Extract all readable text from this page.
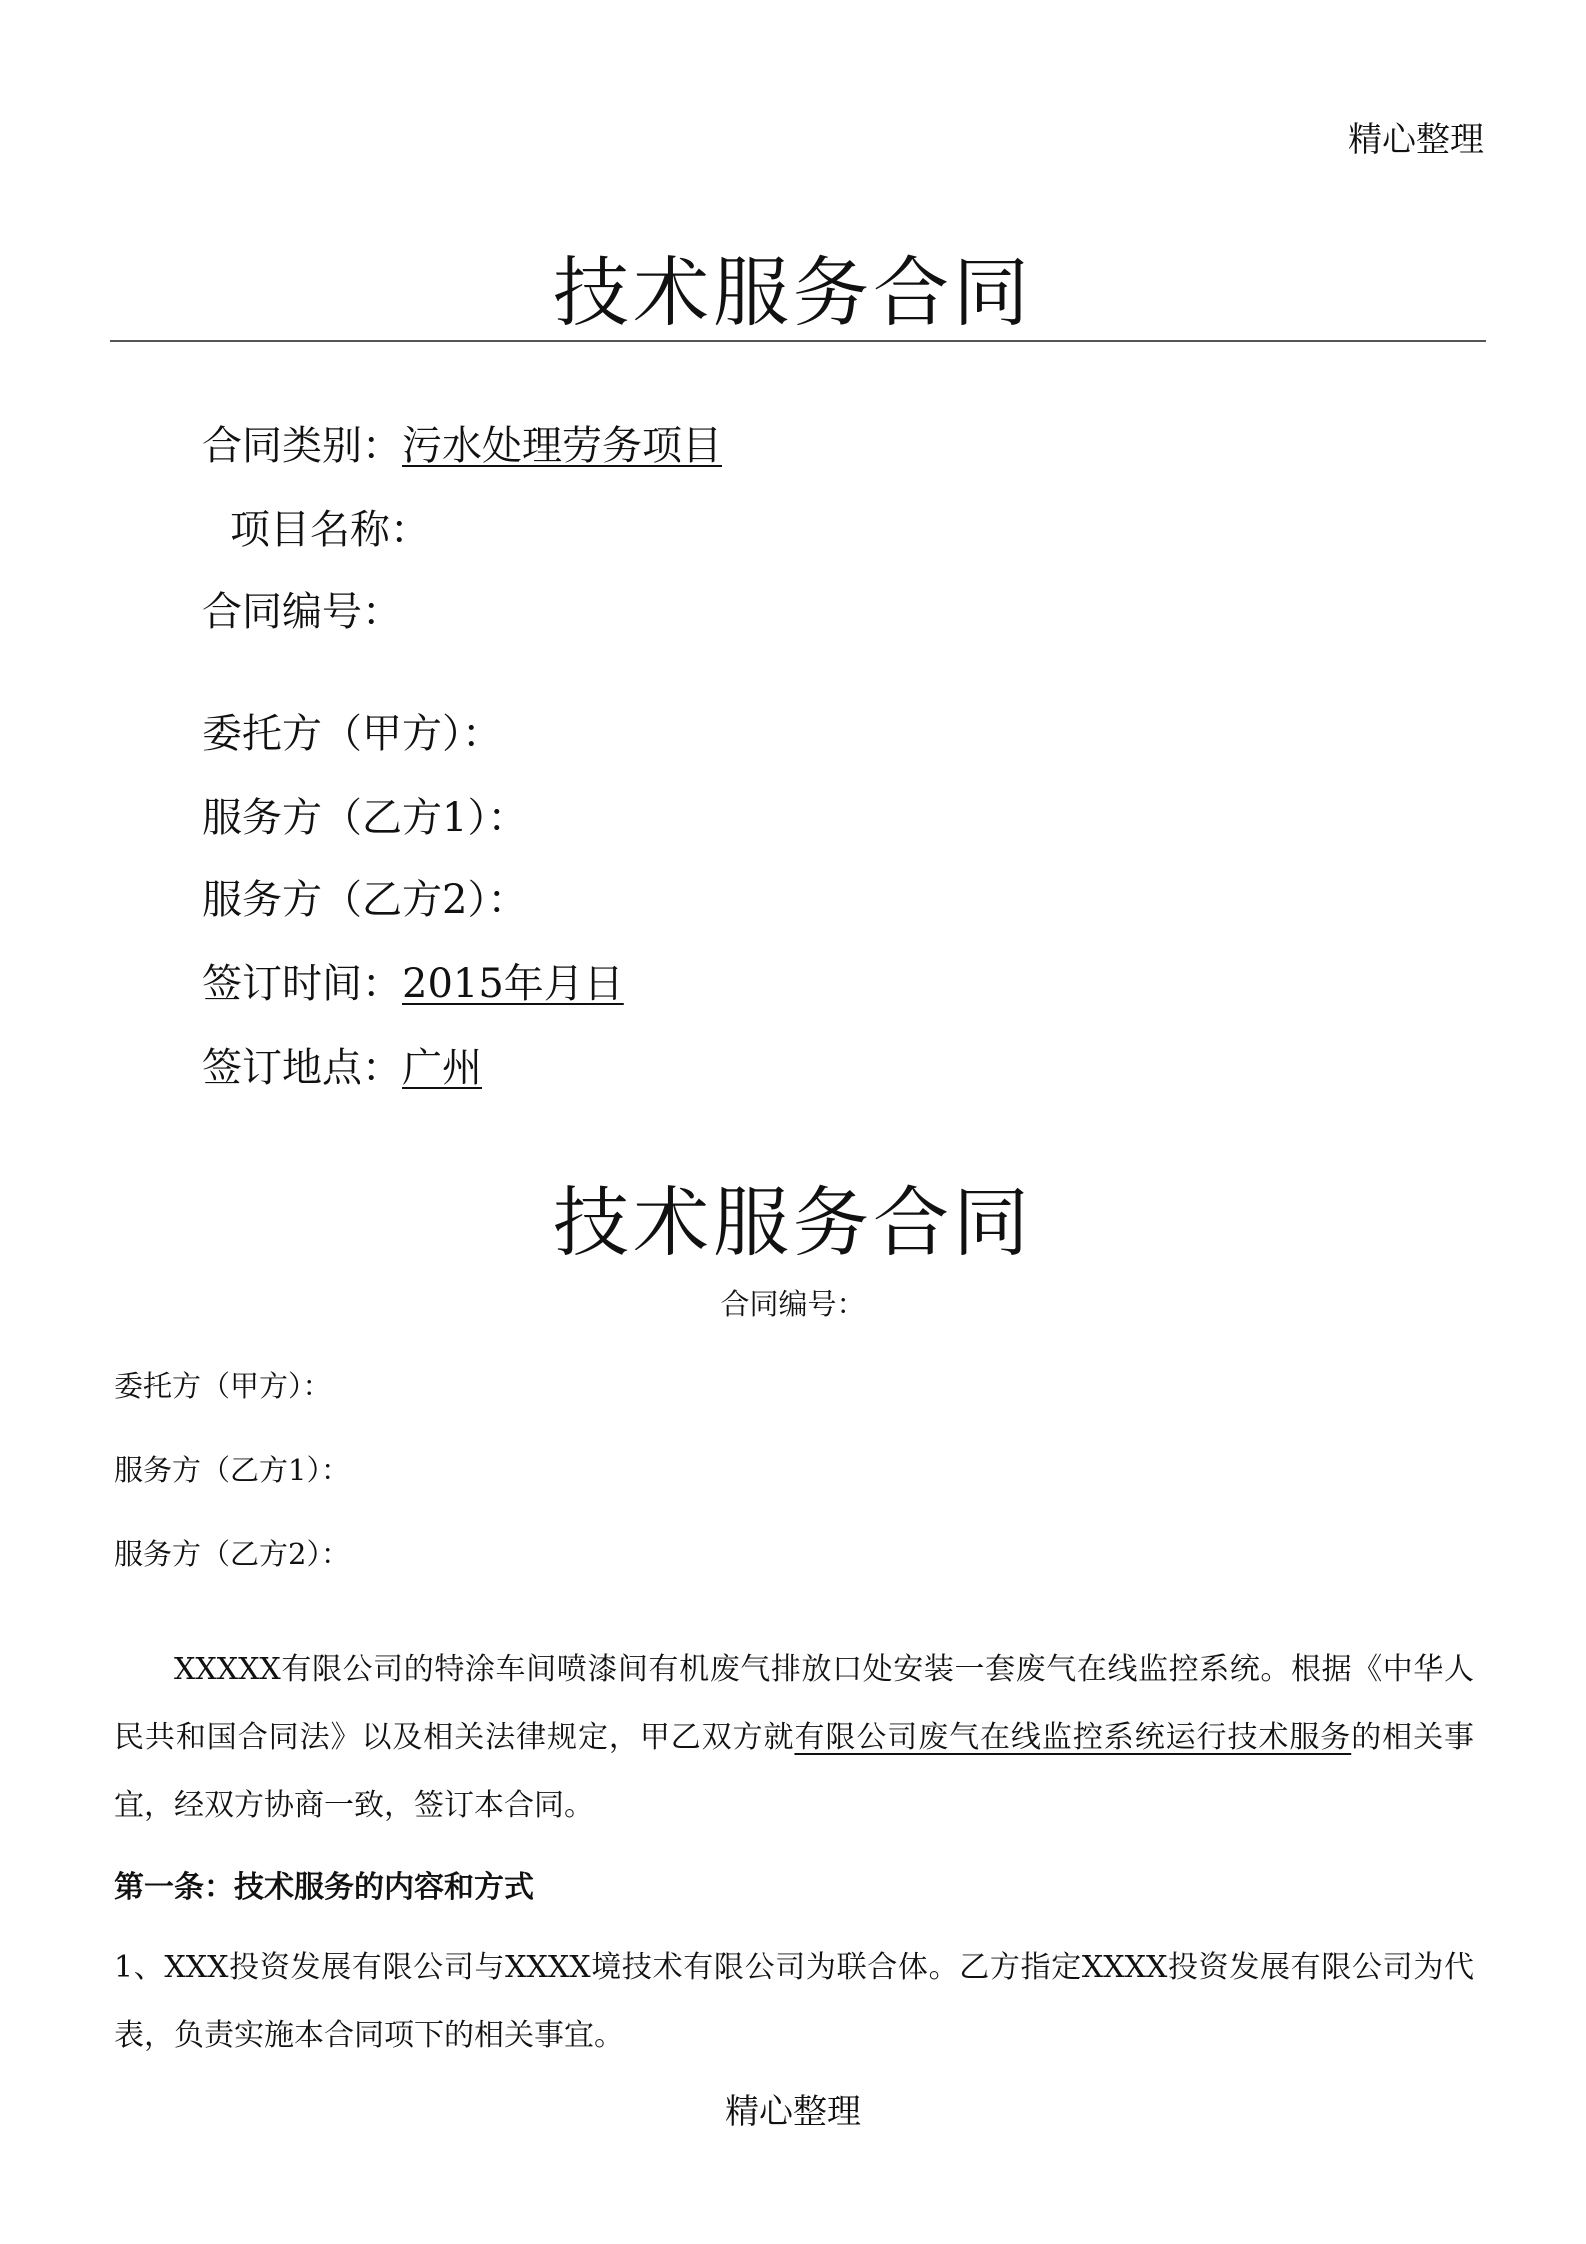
精心整理
技术服务合同
合同类别：污水处理劳务项目
项目名称：
合同编号：
委托方（甲方）：
服务方（乙方1）：
服务方（乙方2）：
签订时间：2015年月日
签订地点：广州
技术服务合同
合同编号：
委托方（甲方）：
服务方（乙方1）：
服务方（乙方2）：

XXXXX有限公司的特涂车间喷漆间有机废气排放口处安装一套废气在线监控系统。根据《中华人民共和国合同法》以及相关法律规定，甲乙双方就有限公司废气在线监控系统运行技术服务的相关事宜，经双方协商一致，签订本合同。

第一条：技术服务的内容和方式

1、XXX投资发展有限公司与XXXX境技术有限公司为联合体。乙方指定XXXX投资发展有限公司为代表，负责实施本合同项下的相关事宜。

精心整理
